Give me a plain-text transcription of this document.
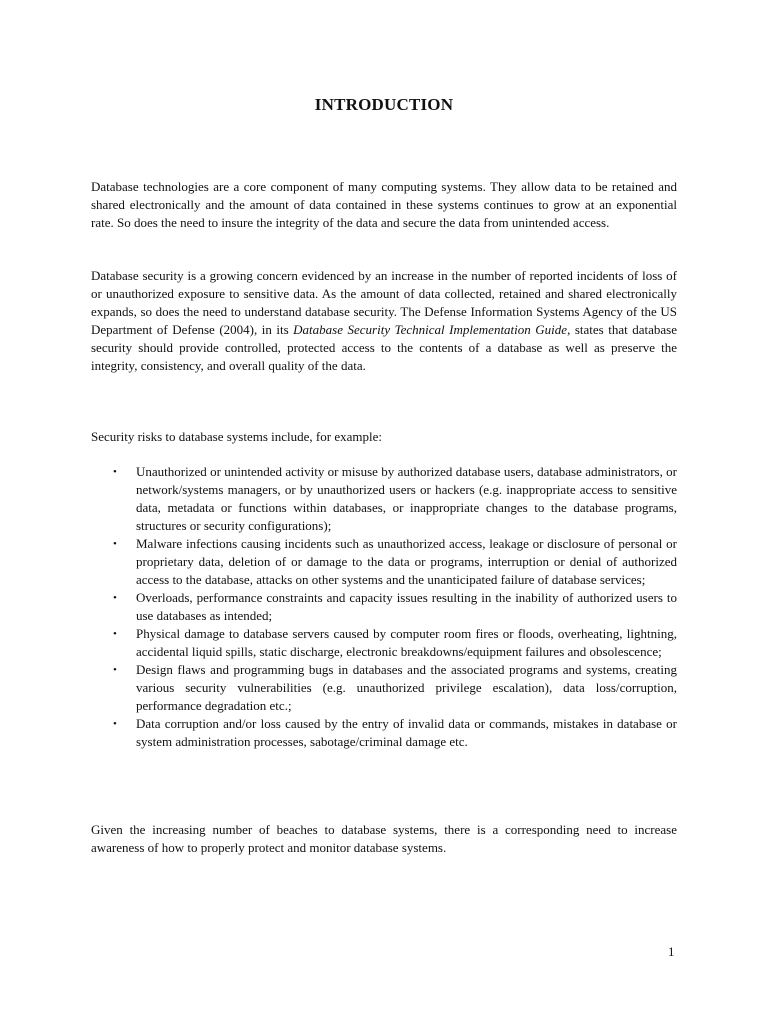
INTRODUCTION

Database technologies are a core component of many computing systems. They allow data to be retained and shared electronically and the amount of data contained in these systems continues to grow at an exponential rate. So does the need to insure the integrity of the data and secure the data from unintended access.

Database security is a growing concern evidenced by an increase in the number of reported incidents of loss of or unauthorized exposure to sensitive data. As the amount of data collected, retained and shared electronically expands, so does the need to understand database security. The Defense Information Systems Agency of the US Department of Defense (2004), in its Database Security Technical Implementation Guide, states that database security should provide controlled, protected access to the contents of a database as well as preserve the integrity, consistency, and overall quality of the data.

Security risks to database systems include, for example:

• Unauthorized or unintended activity or misuse by authorized database users, database administrators, or network/systems managers, or by unauthorized users or hackers (e.g. inappropriate access to sensitive data, metadata or functions within databases, or inappropriate changes to the database programs, structures or security configurations);
• Malware infections causing incidents such as unauthorized access, leakage or disclosure of personal or proprietary data, deletion of or damage to the data or programs, interruption or denial of authorized access to the database, attacks on other systems and the unanticipated failure of database services;
• Overloads, performance constraints and capacity issues resulting in the inability of authorized users to use databases as intended;
• Physical damage to database servers caused by computer room fires or floods, overheating, lightning, accidental liquid spills, static discharge, electronic breakdowns/equipment failures and obsolescence;
• Design flaws and programming bugs in databases and the associated programs and systems, creating various security vulnerabilities (e.g. unauthorized privilege escalation), data loss/corruption, performance degradation etc.;
• Data corruption and/or loss caused by the entry of invalid data or commands, mistakes in database or system administration processes, sabotage/criminal damage etc.

Given the increasing number of beaches to database systems, there is a corresponding need to increase awareness of how to properly protect and monitor database systems.

1
